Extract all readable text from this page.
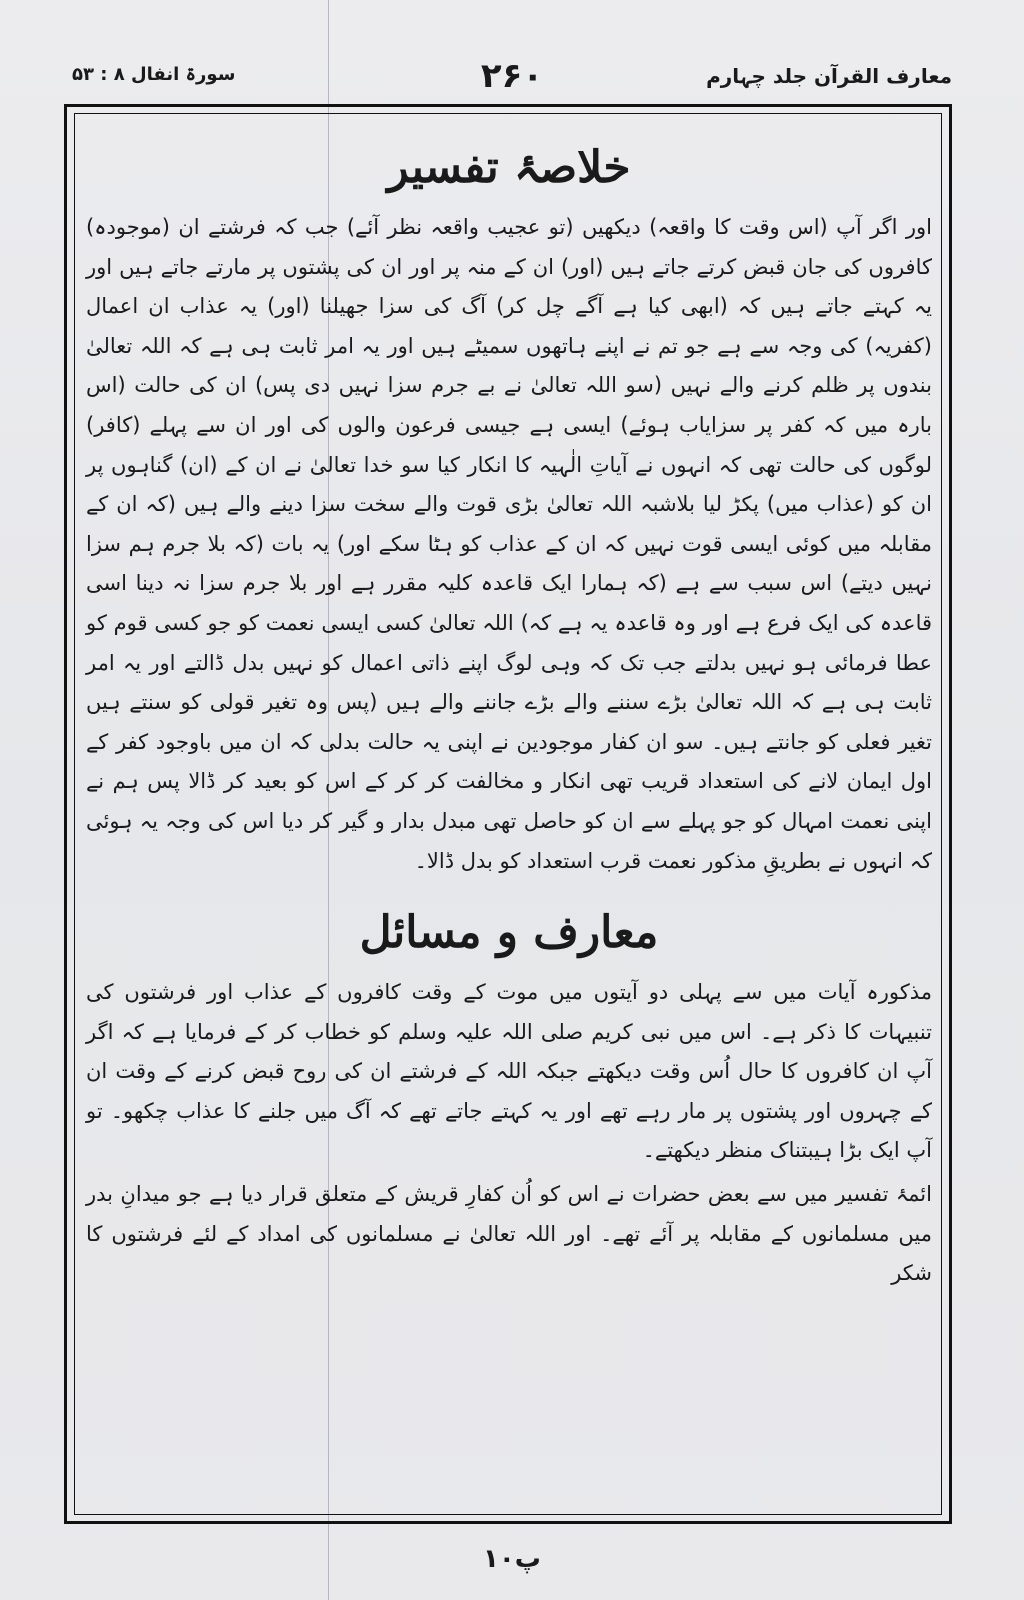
معارف القرآن جلد چہارم
۲۶۰
سورۃ انفال ۸ : ۵۳
خلاصۂ تفسیر

اور اگر آپ (اس وقت کا واقعہ) دیکھیں (تو عجیب واقعہ نظر آئے) جب کہ فرشتے ان (موجودہ) کافروں کی جان قبض کرتے جاتے ہیں (اور) ان کے منہ پر اور ان کی پشتوں پر مارتے جاتے ہیں اور یہ کہتے جاتے ہیں کہ (ابھی کیا ہے آگے چل کر) آگ کی سزا جھیلنا (اور) یہ عذاب ان اعمال (کفریہ) کی وجہ سے ہے جو تم نے اپنے ہاتھوں سمیٹے ہیں اور یہ امر ثابت ہی ہے کہ اللہ تعالیٰ بندوں پر ظلم کرنے والے نہیں (سو اللہ تعالیٰ نے بے جرم سزا نہیں دی پس) ان کی حالت (اس بارہ میں کہ کفر پر سزایاب ہوئے) ایسی ہے جیسی فرعون والوں کی اور ان سے پہلے (کافر) لوگوں کی حالت تھی کہ انہوں نے آیاتِ الٰہیہ کا انکار کیا سو خدا تعالیٰ نے ان کے (ان) گناہوں پر ان کو (عذاب میں) پکڑ لیا بلاشبہ اللہ تعالیٰ بڑی قوت والے سخت سزا دینے والے ہیں (کہ ان کے مقابلہ میں کوئی ایسی قوت نہیں کہ ان کے عذاب کو ہٹا سکے اور) یہ بات (کہ بلا جرم ہم سزا نہیں دیتے) اس سبب سے ہے (کہ ہمارا ایک قاعدہ کلیہ مقرر ہے اور بلا جرم سزا نہ دینا اسی قاعدہ کی ایک فرع ہے اور وہ قاعدہ یہ ہے کہ) اللہ تعالیٰ کسی ایسی نعمت کو جو کسی قوم کو عطا فرمائی ہو نہیں بدلتے جب تک کہ وہی لوگ اپنے ذاتی اعمال کو نہیں بدل ڈالتے اور یہ امر ثابت ہی ہے کہ اللہ تعالیٰ بڑے سننے والے بڑے جاننے والے ہیں (پس وہ تغیر قولی کو سنتے ہیں تغیر فعلی کو جانتے ہیں۔ سو ان کفار موجودین نے اپنی یہ حالت بدلی کہ ان میں باوجود کفر کے اول ایمان لانے کی استعداد قریب تھی انکار و مخالفت کر کر کے اس کو بعید کر ڈالا پس ہم نے اپنی نعمت امہال کو جو پہلے سے ان کو حاصل تھی مبدل بدار و گیر کر دیا اس کی وجہ یہ ہوئی کہ انہوں نے بطریقِ مذکور نعمت قرب استعداد کو بدل ڈالا۔

معارف و مسائل

مذکورہ آیات میں سے پہلی دو آیتوں میں موت کے وقت کافروں کے عذاب اور فرشتوں کی تنبیہات کا ذکر ہے۔ اس میں نبی کریم صلی اللہ علیہ وسلم کو خطاب کر کے فرمایا ہے کہ اگر آپ ان کافروں کا حال اُس وقت دیکھتے جبکہ اللہ کے فرشتے ان کی روح قبض کرنے کے وقت ان کے چہروں اور پشتوں پر مار رہے تھے اور یہ کہتے جاتے تھے کہ آگ میں جلنے کا عذاب چکھو۔ تو آپ ایک بڑا ہیبتناک منظر دیکھتے۔

ائمۂ تفسیر میں سے بعض حضرات نے اس کو اُن کفارِ قریش کے متعلق قرار دیا ہے جو میدانِ بدر میں مسلمانوں کے مقابلہ پر آئے تھے۔ اور اللہ تعالیٰ نے مسلمانوں کی امداد کے لئے فرشتوں کا شکر

پ۱۰
